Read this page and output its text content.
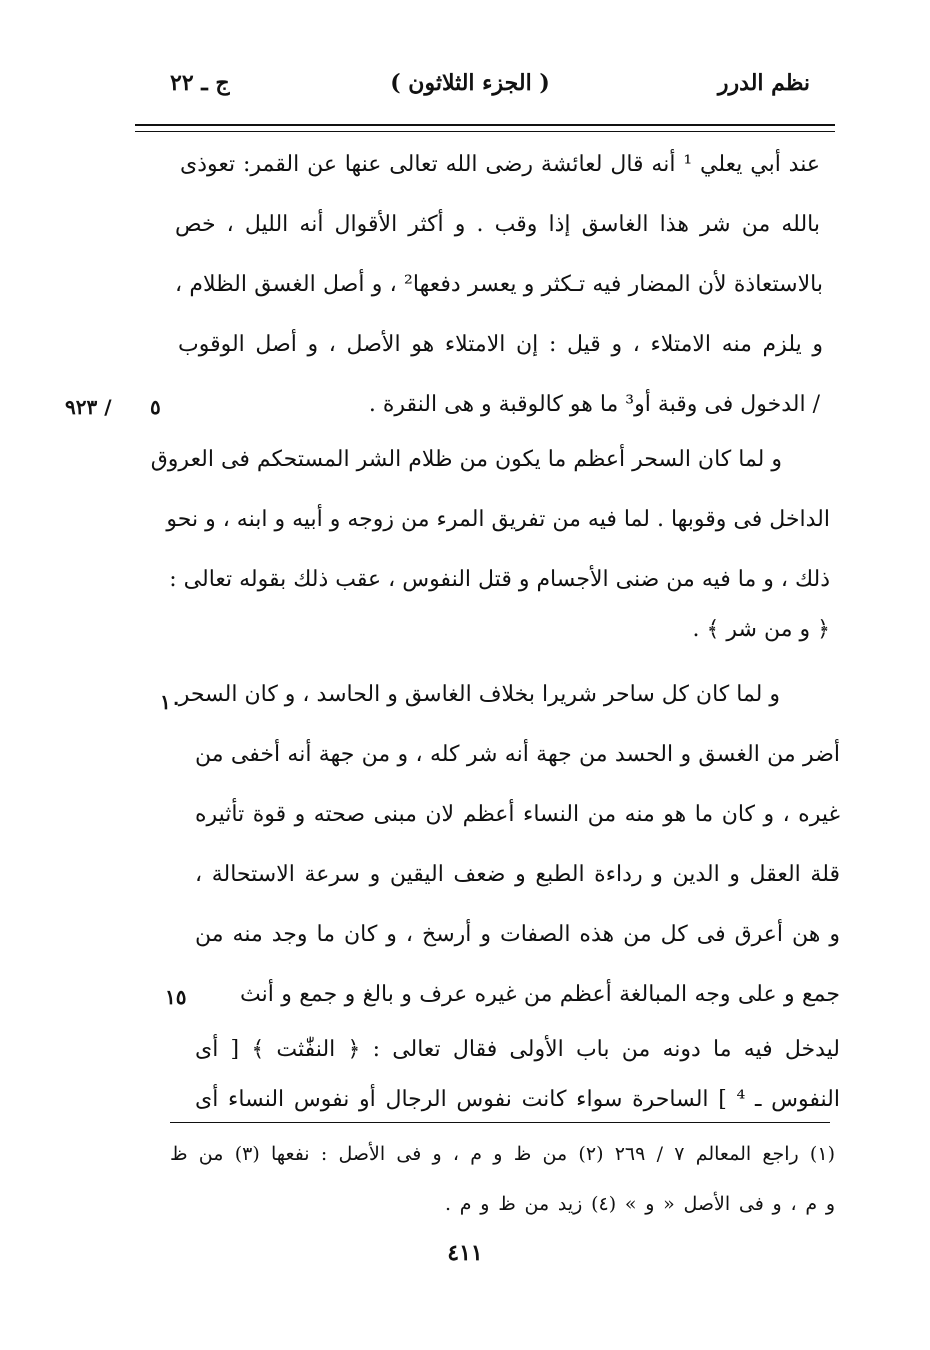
نظم الدرر
( الجزء الثلاثون )
ج ـ ٢٢
عند أبي يعلي ¹ أنه قال لعائشة رضى الله تعالى عنها عن القمر: تعوذى
بالله من شر هذا الغاسق إذا وقب . و أكثر الأقوال أنه الليل ، خص
بالاستعاذة لأن المضار فيه تـكثر و يعسر دفعها² ، و أصل الغسق الظلام ،
و يلزم منه الامتلاء ، و قيل : إن الامتلاء هو الأصل ، و أصل الوقوب
/ الدخول فى وقبة أو³ ما هو كالوقبة و هى النقرة .
و لما كان السحر أعظم ما يكون من ظلام الشر المستحكم فى العروق
الداخل فى وقوبها . لما فيه من تفريق المرء من زوجه و أبيه و ابنه ، و نحو
ذلك ، و ما فيه من ضنى الأجسام و قتل النفوس ، عقب ذلك بقوله تعالى :
﴿ و من شر ﴾ .
و لما كان كل ساحر شريرا بخلاف الغاسق و الحاسد ، و كان السحر
أضر من الغسق و الحسد من جهة أنه شر كله ، و من جهة أنه أخفى من
غيره ، و كان ما هو منه من النساء أعظم لان مبنى صحته و قوة تأثيره
قلة العقل و الدين و رداءة الطبع و ضعف اليقين و سرعة الاستحالة ،
و هن أعرق فى كل من هذه الصفات و أرسخ ، و كان ما وجد منه من
جمع و على وجه المبالغة أعظم من غيره عرف و بالغ و جمع و أنث
ليدخل فيه ما دونه من باب الأولى فقال تعالى : ﴿ النفّٰثت ﴾ [ أى
النفوس ـ ⁴ ] الساحرة سواء كانت نفوس الرجال أو نفوس النساء أى
٥
٩٢٣ /
١٠
١٥
(١) راجع المعالم ٧ / ٢٦٩ (٢) من ظ و م ، و فى الأصل : نفعها (٣) من ظ
و م ، و فى الأصل « و » (٤) زيد من ظ و م .
٤١١
